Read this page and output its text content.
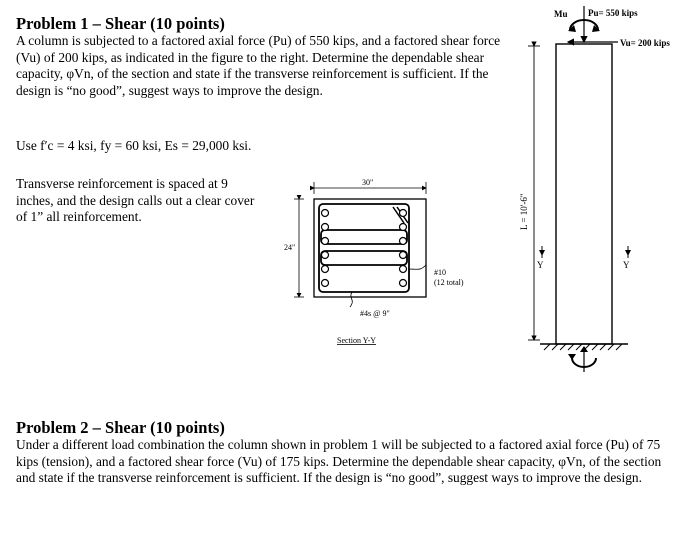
Problem 1 – Shear (10 points)
A column is subjected to a factored axial force (Pu) of 550 kips, and a factored shear force (Vu) of 200 kips, as indicated in the figure to the right. Determine the dependable shear capacity, φVn, of the section and state if the transverse reinforcement is sufficient. If the design is “no good”, suggest ways to improve the design.
Use f′c = 4 ksi, fy = 60 ksi, Es = 29,000 ksi.
Transverse reinforcement is spaced at 9 inches, and the design calls out a clear cover of 1” all reinforcement.
30"
24"
#10
(12 total)
#4s @ 9"
Section Y-Y
Pu= 550 kips
Mu
Vu= 200 kips
L = 10'-6"
Y	Y
Problem 2 – Shear (10 points)
Under a different load combination the column shown in problem 1 will be subjected to a factored axial force (Pu) of 75 kips (tension), and a factored shear force (Vu) of 175 kips. Determine the dependable shear capacity, φVn, of the section and state if the transverse reinforcement is sufficient. If the design is “no good”, suggest ways to improve the design.
